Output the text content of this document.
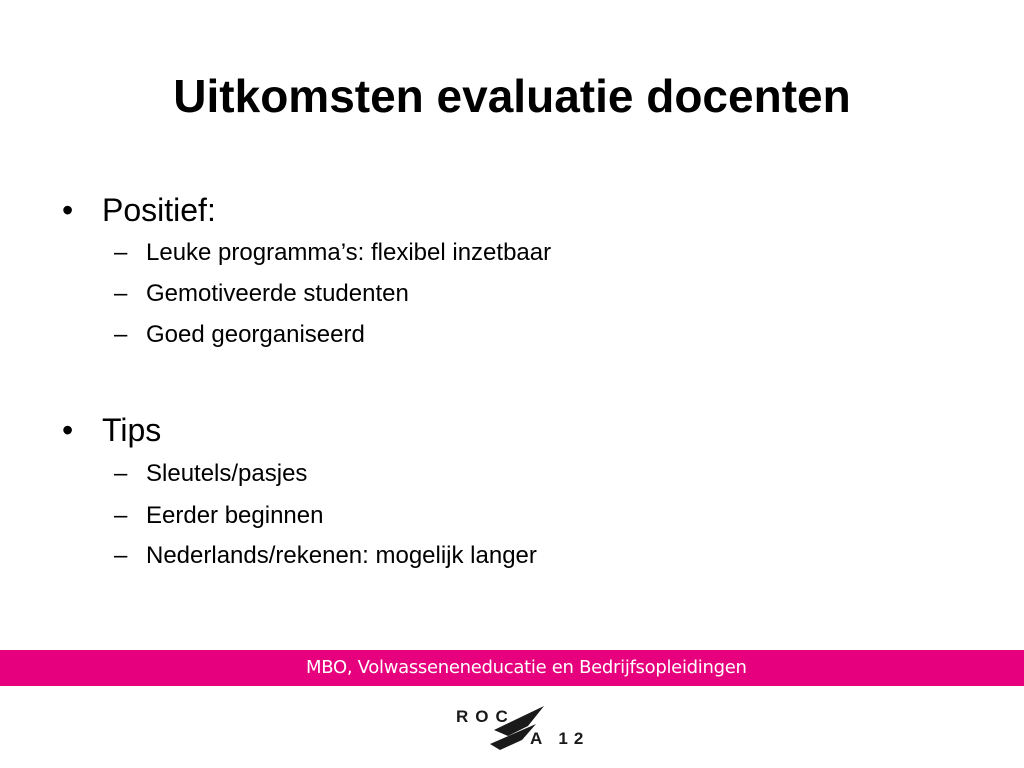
Uitkomsten evaluatie docenten
• Positief:
– Leuke programma’s: flexibel inzetbaar
– Gemotiveerde studenten
– Goed georganiseerd
• Tips
– Sleutels/pasjes
– Eerder beginnen
– Nederlands/rekenen: mogelijk langer
MBO, Volwasseneneducatie en Bedrijfsopleidingen
ROC
A 12
